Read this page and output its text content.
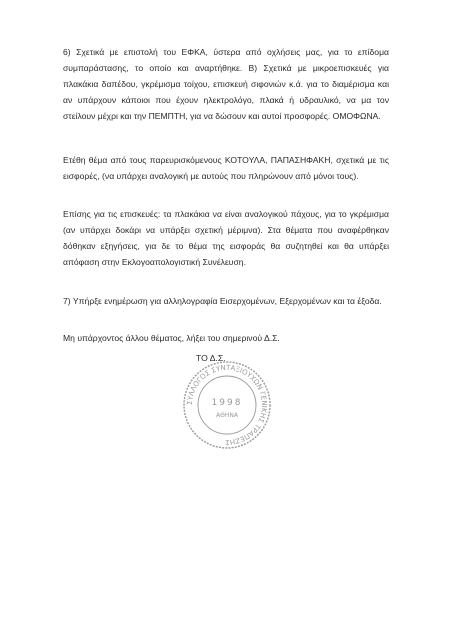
6) Σχετικά με επιστολή του ΕΦΚΑ, ύστερα από οχλήσεις μας, για το επίδομα συμπαράστασης, το οποίο και αναρτήθηκε. Β) Σχετικά με μικροεπισκευές για πλακάκια δαπέδου, γκρέμισμα τοίχου, επισκευή σιφονιών κ.ά. για το διαμέρισμα και αν υπάρχουν κάποιοι που έχουν ηλεκτρολόγο, πλακά ή υδραυλικό, να μα τον στείλουν μέχρι και την ΠΕΜΠΤΗ, για να δώσουν και αυτοί προσφορές. ΟΜΟΦΩΝΑ.

Ετέθη θέμα από τους παρευρισκόμενους ΚΟΤΟΥΛΑ, ΠΑΠΑΣΗΦΑΚΗ, σχετικά με τις εισφορές, (να υπάρχει αναλογική με αυτούς που πληρώνουν από μόνοι τους).

Επίσης για τις επισκευές: τα πλακάκια να είναι αναλογικού πάχους, για το γκρέμισμα (αν υπάρχει δοκάρι να υπάρξει σχετική μέριμνα). Στα θέματα που αναφέρθηκαν δόθηκαν εξηγήσεις, για δε το θέμα της εισφοράς θα συζητηθεί και θα υπάρξει απόφαση στην Εκλογοαπολογιστική Συνέλευση.

7) Υπήρξε ενημέρωση για αλληλογραφία Εισερχομένων, Εξερχομένων και τα έξοδα.

Μη υπάρχοντος άλλου θέματος, λήξει του σημερινού Δ.Σ.

ΤΟ Δ.Σ.

ΣΥΛΛΟΓΟΣ ΣΥΝΤΑΞΙΟΥΧΩΝ ΓΕΝΙΚΗΣ ΤΡΑΠΕΖΗΣ
1998
ΑΘΗΝΑ
